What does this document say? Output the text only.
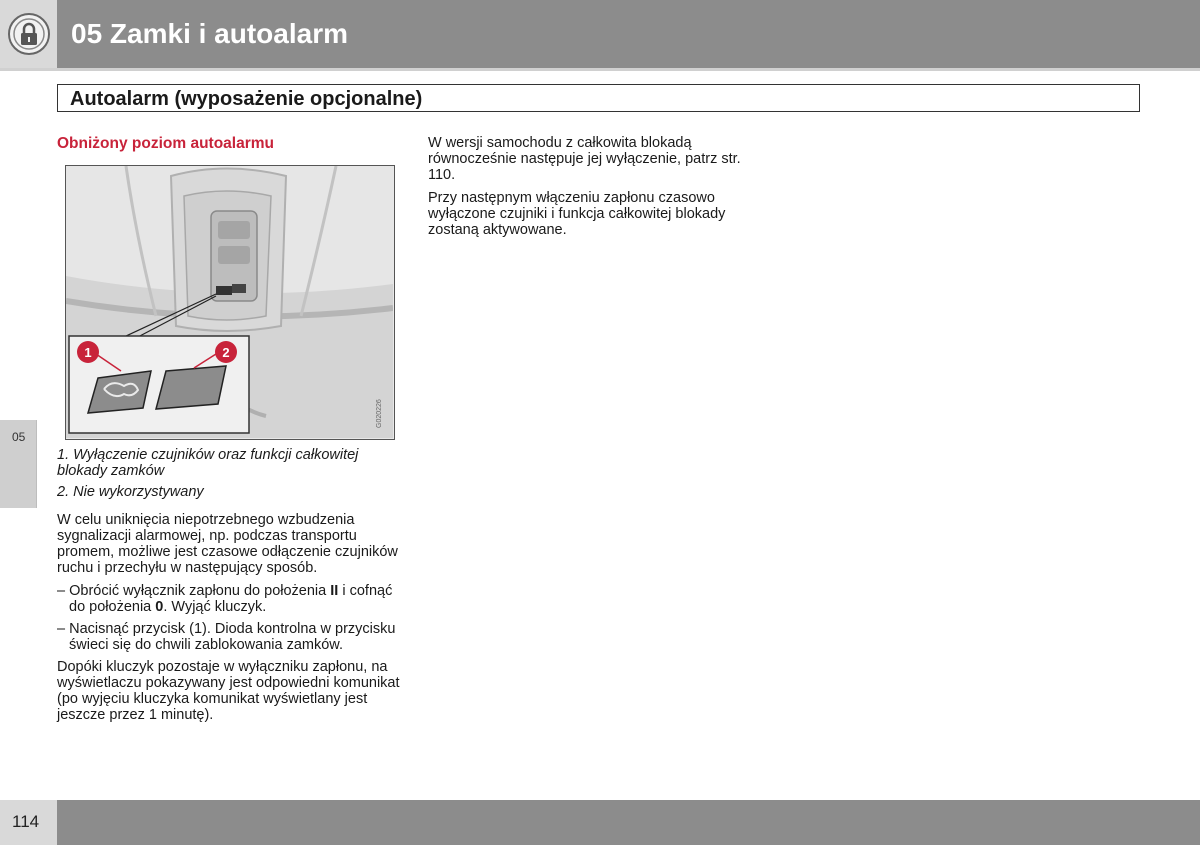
05 Zamki i autoalarm
Autoalarm (wyposażenie opcjonalne)
05

Obniżony poziom autoalarmu

1	2
G020226

1. Wyłączenie czujników oraz funkcji całkowitej blokady zamków

2. Nie wykorzystywany

W celu uniknięcia niepotrzebnego wzbudzenia sygnalizacji alarmowej, np. podczas transportu promem, możliwe jest czasowe odłączenie czujników ruchu i przechyłu w następujący sposób.

– Obrócić wyłącznik zapłonu do położenia II i cofnąć do położenia 0. Wyjąć kluczyk.

– Nacisnąć przycisk (1). Dioda kontrolna w przycisku świeci się do chwili zablokowania zamków.

Dopóki kluczyk pozostaje w wyłączniku zapłonu, na wyświetlaczu pokazywany jest odpowiedni komunikat (po wyjęciu kluczyka komunikat wyświetlany jest jeszcze przez 1 minutę).

W wersji samochodu z całkowita blokadą równocześnie następuje jej wyłączenie, patrz str. 110.

Przy następnym włączeniu zapłonu czasowo wyłączone czujniki i funkcja całkowitej blokady zostaną aktywowane.

114
